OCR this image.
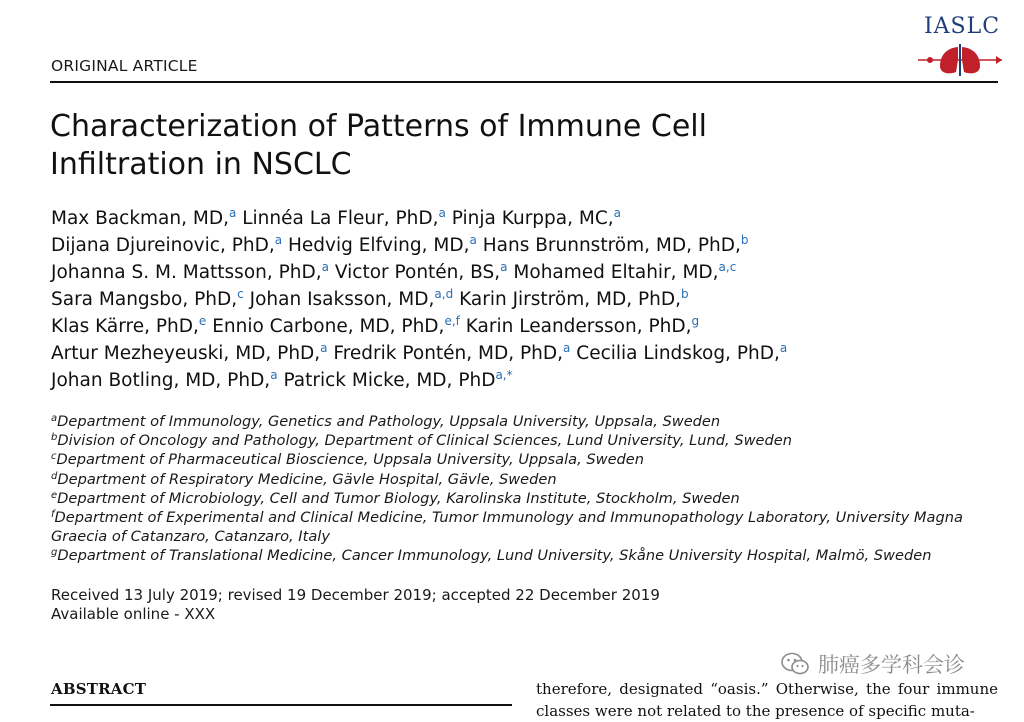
IASLC
ORIGINAL ARTICLE
Characterization of Patterns of Immune Cell
Infiltration in NSCLC
Max Backman, MD,$^a$ Linnéa La Fleur, PhD,$^a$ Pinja Kurppa, MC,$^a$
Dijana Djureinovic, PhD,$^a$ Hedvig Elfving, MD,$^a$ Hans Brunnström, MD, PhD,$^b$
Johanna S. M. Mattsson, PhD,$^a$ Victor Pontén, BS,$^a$ Mohamed Eltahir, MD,$^{a,c}$
Sara Mangsbo, PhD,$^c$ Johan Isaksson, MD,$^{a,d}$ Karin Jirström, MD, PhD,$^b$
Klas Kärre, PhD,$^e$ Ennio Carbone, MD, PhD,$^{e,f}$ Karin Leandersson, PhD,$^g$
Artur Mezheyeuski, MD, PhD,$^a$ Fredrik Pontén, MD, PhD,$^a$ Cecilia Lindskog, PhD,$^a$
Johan Botling, MD, PhD,$^a$ Patrick Micke, MD, PhD$^{a,*}$
$^a$Department of Immunology, Genetics and Pathology, Uppsala University, Uppsala, Sweden
$^b$Division of Oncology and Pathology, Department of Clinical Sciences, Lund University, Lund, Sweden
$^c$Department of Pharmaceutical Bioscience, Uppsala University, Uppsala, Sweden
$^d$Department of Respiratory Medicine, Gävle Hospital, Gävle, Sweden
$^e$Department of Microbiology, Cell and Tumor Biology, Karolinska Institute, Stockholm, Sweden
$^f$Department of Experimental and Clinical Medicine, Tumor Immunology and Immunopathology Laboratory, University Magna Graecia of Catanzaro, Catanzaro, Italy
$^g$Department of Translational Medicine, Cancer Immunology, Lund University, Skåne University Hospital, Malmö, Sweden
Received 13 July 2019; revised 19 December 2019; accepted 22 December 2019
Available online - XXX
肺癌多学科会诊
ABSTRACT	therefore, designated “oasis.” Otherwise, the four immune classes were not related to the presence of specific muta-
